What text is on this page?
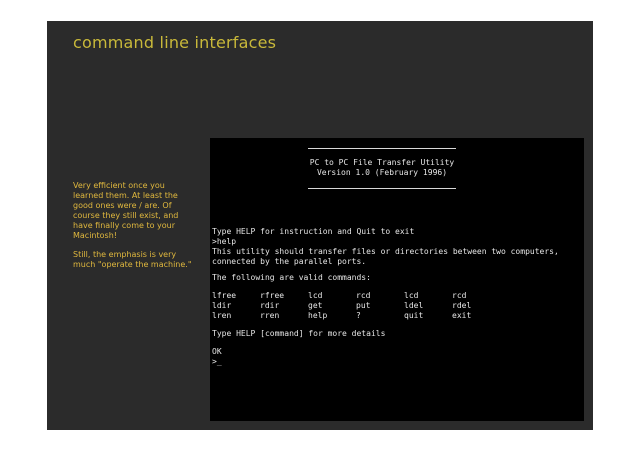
command line interfaces

Very efficient once you learned them. At least the good ones were / are. Of course they still exist, and have finally come to your Macintosh!

Still, the emphasis is very much "operate the machine."

PC to PC File Transfer Utility
Version 1.0 (February 1996)
Type HELP for instruction and Quit to exit
>help
This utility should transfer files or directories between two computers,
connected by the parallel ports.
The following are valid commands:
lfree	rfree	lcd	rcd	lcd	rcd
ldir	rdir	get	put	ldel	rdel
lren	rren	help	?	quit	exit
Type HELP [command] for more details
OK
>_
